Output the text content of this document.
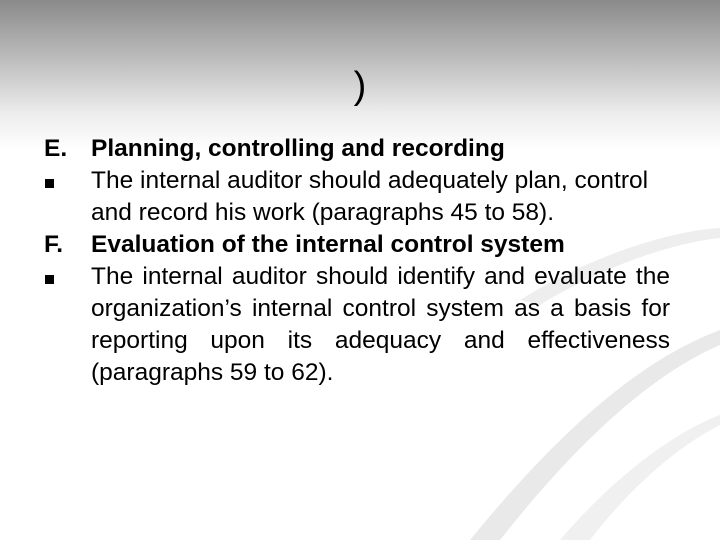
)
E. Planning, controlling and recording
The internal auditor should adequately plan, control and record his work (paragraphs 45 to 58).
F.	Evaluation of the internal control system
The internal auditor should identify and evaluate the organization’s internal control system as a basis for reporting upon its adequacy and effectiveness (paragraphs 59 to 62).
